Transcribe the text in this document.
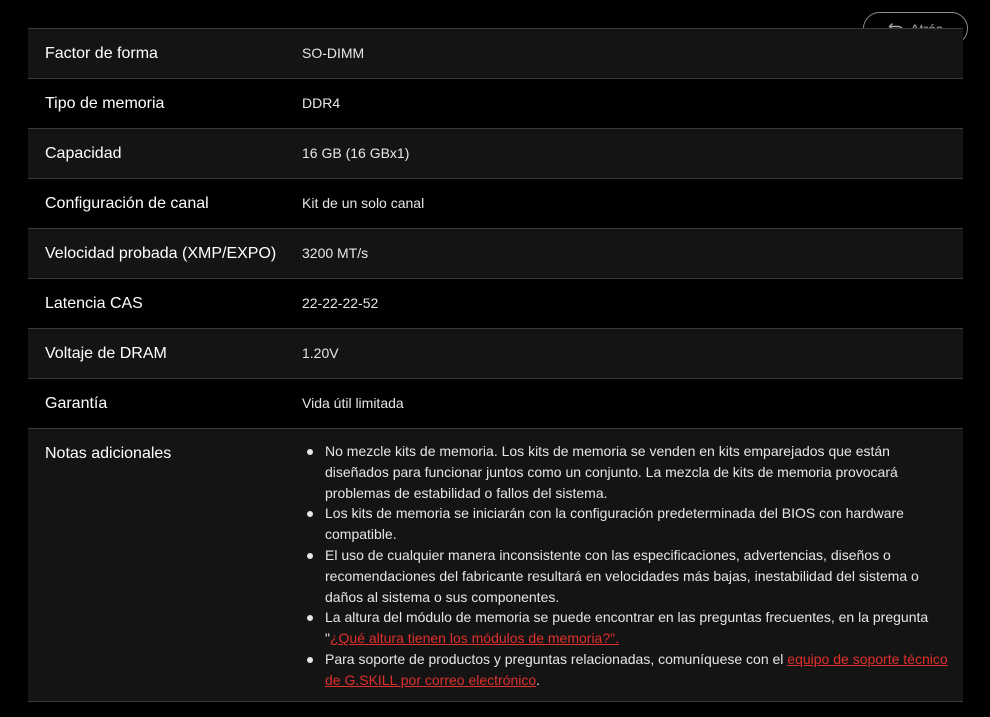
Factor de forma	SO-DIMM
Tipo de memoria	DDR4
Capacidad	16 GB (16 GBx1)
Configuración de canal	Kit de un solo canal
Velocidad probada (XMP/EXPO)	3200 MT/s
Latencia CAS	22-22-22-52
Voltaje de DRAM	1.20V
Garantía	Vida útil limitada
Notas adicionales	No mezcle kits de memoria. Los kits de memoria se venden en kits emparejados que están diseñados para funcionar juntos como un conjunto. La mezcla de kits de memoria provocará problemas de estabilidad o fallos del sistema.
Los kits de memoria se iniciarán con la configuración predeterminada del BIOS con hardware compatible.
El uso de cualquier manera inconsistente con las especificaciones, advertencias, diseños o recomendaciones del fabricante resultará en velocidades más bajas, inestabilidad del sistema o daños al sistema o sus componentes.
La altura del módulo de memoria se puede encontrar en las preguntas frecuentes, en la pregunta "¿Qué altura tienen los módulos de memoria?".
Para soporte de productos y preguntas relacionadas, comuníquese con el equipo de soporte técnico de G.SKILL por correo electrónico.
